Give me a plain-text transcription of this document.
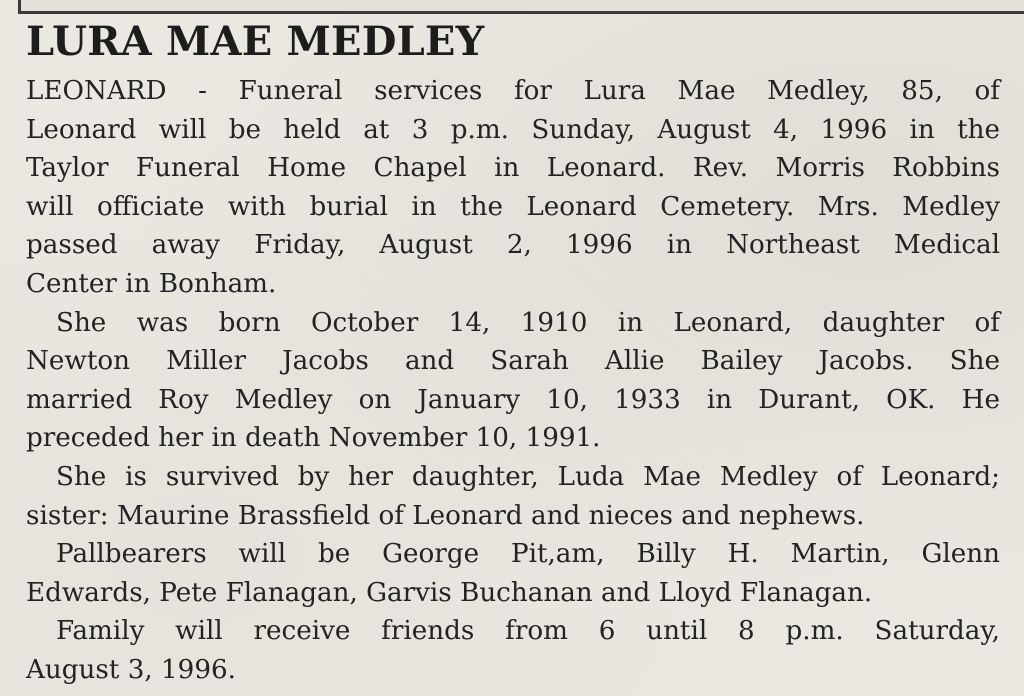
LURA MAE MEDLEY
LEONARD - Funeral services for Lura Mae Medley, 85, of
Leonard will be held at 3 p.m. Sunday, August 4, 1996 in the
Taylor Funeral Home Chapel in Leonard. Rev. Morris Robbins
will officiate with burial in the Leonard Cemetery. Mrs. Medley
passed away Friday, August 2, 1996 in Northeast Medical
Center in Bonham.
She was born October 14, 1910 in Leonard, daughter of
Newton Miller Jacobs and Sarah Allie Bailey Jacobs. She
married Roy Medley on January 10, 1933 in Durant, OK. He
preceded her in death November 10, 1991.
She is survived by her daughter, Luda Mae Medley of Leonard;
sister: Maurine Brassfield of Leonard and nieces and nephews.
Pallbearers will be George Pit,am, Billy H. Martin, Glenn
Edwards, Pete Flanagan, Garvis Buchanan and Lloyd Flanagan.
Family will receive friends from 6 until 8 p.m. Saturday,
August 3, 1996.
